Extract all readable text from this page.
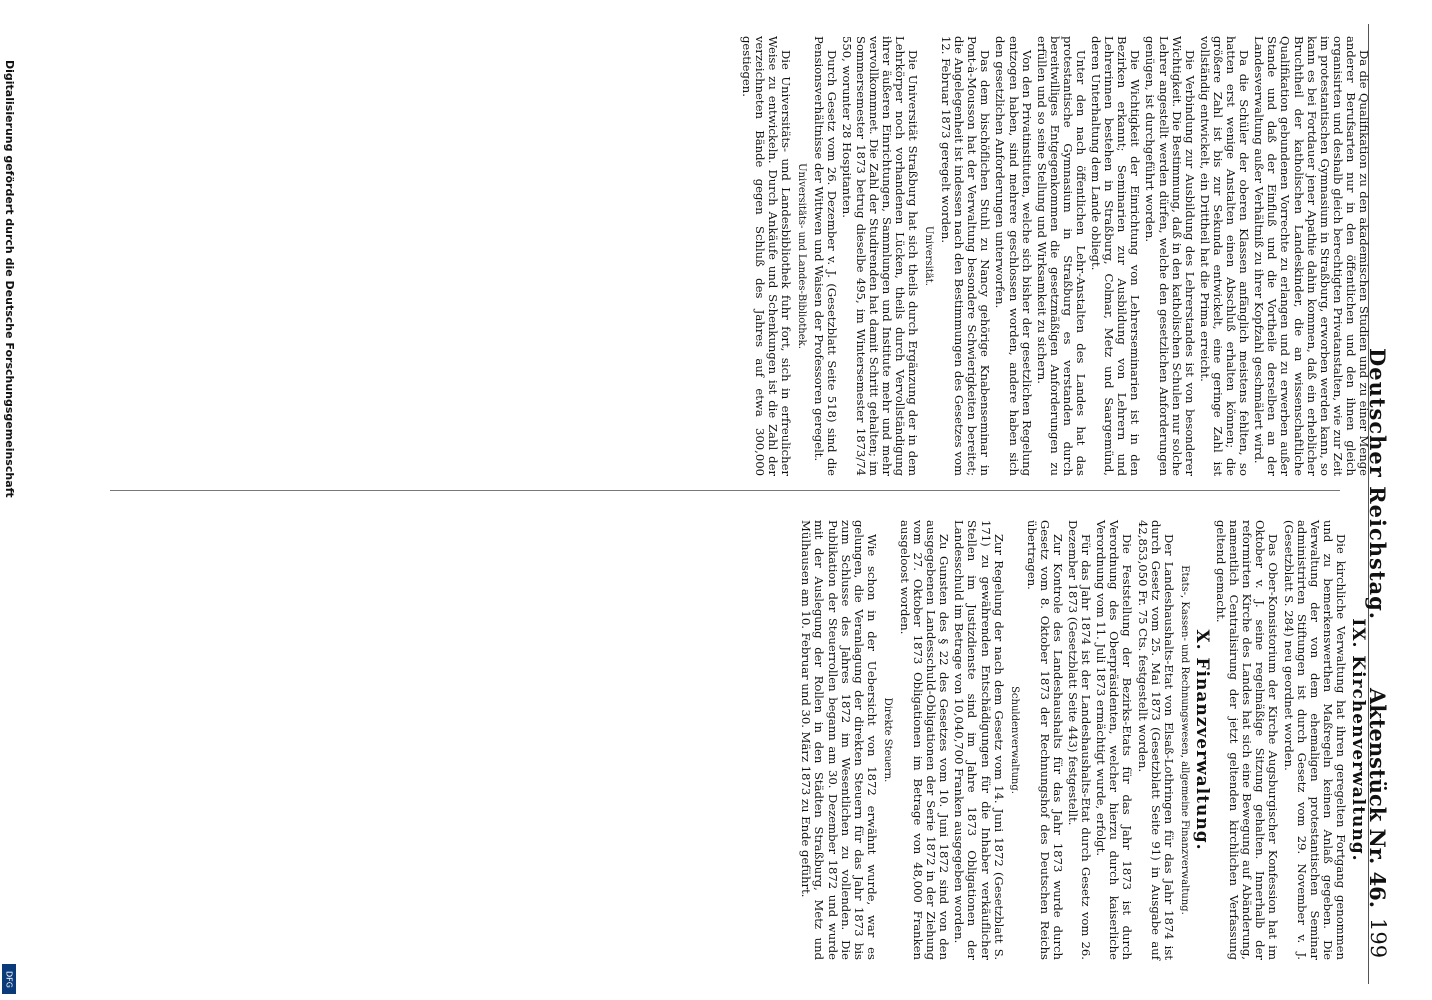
Deutscher Reichstag.
Aktenstück Nr. 46.
199

Da die Qualifikation zu den akademischen Studien und zu einer Menge anderer Berufsarten nur in den öffentlichen und den ihnen gleich organisirten und deshalb gleich berechtigten Privatanstalten, wie zur Zeit im protestantischen Gymnasium in Straßburg, erworben werden kann, so kann es bei Fortdauer jener Apathie dahin kommen, daß ein erheblicher Bruchtheil der katholischen Landeskinder, die an wissenschaftliche Qualifikation gebundenen Vorrechte zu erlangen und zu erwerben außer Stande und daß der Einfluß und die Vortheile derselben an der Landesverwaltung außer Verhältniß zu ihrer Kopfzahl geschmälert wird.

Da die Schüler der oberen Klassen anfänglich meistens fehlten, so hatten erst wenige Anstalten einen Abschluß erhalten können; die größere Zahl ist bis zur Sekunda entwickelt, eine geringe Zahl ist vollständig entwickelt, ein Drittheil hat die Prima erreicht.

Die Verbindung zur Ausbildung des Lehrerstandes ist von besonderer Wichtigkeit. Die Bestimmung, daß in den katholischen Schulen nur solche Lehrer angestellt werden dürfen, welche den gesetzlichen Anforderungen genügen, ist durchgeführt worden.

Die Wichtigkeit der Einrichtung von Lehrerseminarien ist in den Bezirken erkannt; Seminarien zur Ausbildung von Lehrern und Lehrerinnen bestehen in Straßburg, Colmar, Metz und Saargemünd, deren Unterhaltung dem Lande obliegt.

Unter den nach öffentlichen Lehr-Anstalten des Landes hat das protestantische Gymnasium in Straßburg es verstanden durch bereitwilliges Entgegenkommen die gesetzmäßigen Anforderungen zu erfüllen und so seine Stellung und Wirksamkeit zu sichern.

Von den Privatinstituten, welche sich bisher der gesetzlichen Regelung entzogen haben, sind mehrere geschlossen worden, andere haben sich den gesetzlichen Anforderungen unterworfen.

Das dem bischöflichen Stuhl zu Nancy gehörige Knabenseminar in Pont-à-Mousson hat der Verwaltung besondere Schwierigkeiten bereitet; die Angelegenheit ist indessen nach den Bestimmungen des Gesetzes vom 12. Februar 1873 geregelt worden.

Universität.

Die Universität Straßburg hat sich theils durch Ergänzung der in dem Lehrkörper noch vorhandenen Lücken, theils durch Vervollständigung ihrer äußeren Einrichtungen, Sammlungen und Institute mehr und mehr vervollkommnet. Die Zahl der Studirenden hat damit Schritt gehalten; im Sommersemester 1873 betrug dieselbe 495, im Wintersemester 1873/74 550, worunter 28 Hospitanten.

Durch Gesetz vom 26. Dezember v. J. (Gesetzblatt Seite 518) sind die Pensionsverhältnisse der Wittwen und Waisen der Professoren geregelt.

Universitäts- und Landes-Bibliothek.

Die Universitäts- und Landesbibliothek fuhr fort, sich in erfreulicher Weise zu entwickeln. Durch Ankäufe und Schenkungen ist die Zahl der verzeichneten Bände gegen Schluß des Jahres auf etwa 300,000 gestiegen.

IX. Kirchenverwaltung.

Die kirchliche Verwaltung hat ihren geregelten Fortgang genommen und zu bemerkenswerthen Maßregeln keinen Anlaß gegeben. Die Verwaltung der von dem ehemaligen protestantischen Seminar administrirten Stiftungen ist durch Gesetz vom 29. November v. J. (Gesetzblatt S. 284) neu geordnet worden.

Das Ober-Konsistorium der Kirche Augsburgischer Konfession hat im Oktober v. J. seine regelmäßige Sitzung gehalten. Innerhalb der reformirten Kirche des Landes hat sich eine Bewegung auf Abänderung, namentlich Centralisirung der jetzt geltenden kirchlichen Verfassung geltend gemacht.

X. Finanzverwaltung.

Etats-, Kassen- und Rechnungswesen, allgemeine Finanzverwaltung.

Der Landeshaushalts-Etat von Elsaß-Lothringen für das Jahr 1874 ist durch Gesetz vom 25. Mai 1873 (Gesetzblatt Seite 91) in Ausgabe auf 42,853,050 Fr. 75 Cts. festgestellt worden.

Die Feststellung der Bezirks-Etats für das Jahr 1873 ist durch Verordnung des Oberpräsidenten, welcher hierzu durch kaiserliche Verordnung vom 11. Juli 1873 ermächtigt wurde, erfolgt.

Für das Jahr 1874 ist der Landeshaushalts-Etat durch Gesetz vom 26. Dezember 1873 (Gesetzblatt Seite 443) festgestellt.

Zur Kontrole des Landeshaushalts für das Jahr 1873 wurde durch Gesetz vom 8. Oktober 1873 der Rechnungshof des Deutschen Reichs übertragen.

Schuldenverwaltung.

Zur Regelung der nach dem Gesetz vom 14. Juni 1872 (Gesetzblatt S. 171) zu gewährenden Entschädigungen für die Inhaber verkäuflicher Stellen im Justizdienste sind im Jahre 1873 Obligationen der Landesschuld im Betrage von 10,040,700 Franken ausgegeben worden.

Zu Gunsten des § 22 des Gesetzes vom 10. Juni 1872 sind von den ausgegebenen Landesschuld-Obligationen der Serie 1872 in der Ziehung vom 27. Oktober 1873 Obligationen im Betrage von 48,000 Franken ausgeloost worden.

Direkte Steuern.

Wie schon in der Uebersicht von 1872 erwähnt wurde, war es gelungen, die Veranlagung der direkten Steuern für das Jahr 1873 bis zum Schlusse des Jahres 1872 im Wesentlichen zu vollenden. Die Publikation der Steuerrollen begann am 30. Dezember 1872 und wurde mit der Auslegung der Rollen in den Städten Straßburg, Metz und Mülhausen am 10. Februar und 30. März 1873 zu Ende geführt.

Digitalisierung gefördert durch die Deutsche Forschungsgemeinschaft
DFG
